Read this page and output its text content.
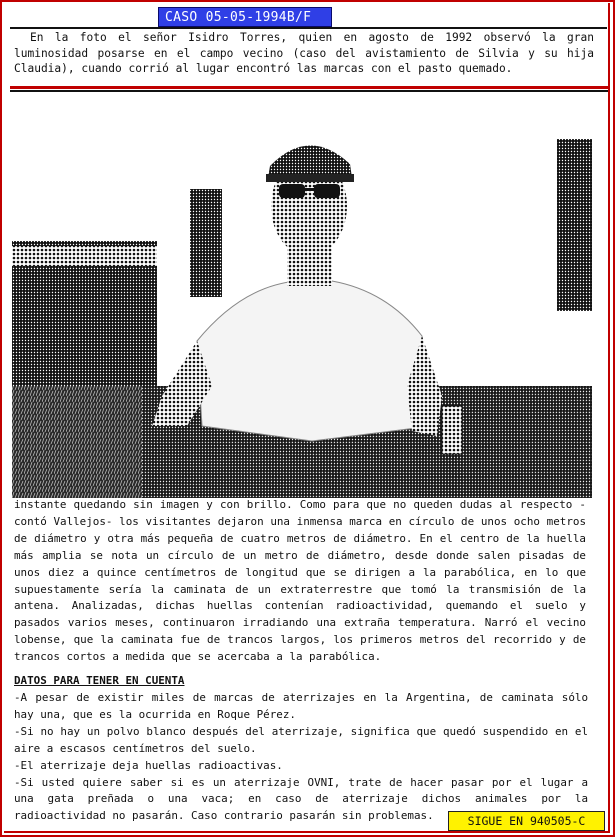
CASO 05-05-1994B/F

En la foto el señor Isidro Torres, quien en agosto de 1992 observó la gran luminosidad posarse en el campo vecino (caso del avistamiento de Silvia y su hija Claudia), cuando corrió al lugar encontró las marcas con el pasto quemado.

instante quedando sin imagen y con brillo. Como para que no queden dudas al respecto -contó Vallejos- los visitantes dejaron una inmensa marca en círculo de unos ocho metros de diámetro y otra más pequeña de cuatro metros de diámetro. En el centro de la huella más amplia se nota un círculo de un metro de diámetro, desde donde salen pisadas de unos diez a quince centímetros de longitud que se dirigen a la parabólica, en lo que supuestamente sería la caminata de un extraterrestre que tomó la transmisión de la antena. Analizadas, dichas huellas contenían radioactividad, quemando el suelo y pasados varios meses, continuaron irradiando una extraña temperatura. Narró el vecino lobense, que la caminata fue de trancos largos, los primeros metros del recorrido y de trancos cortos a medida que se acercaba a la parabólica.

DATOS PARA TENER EN CUENTA
-A pesar de existir miles de marcas de aterrizajes en la Argentina, de caminata sólo hay una, que es la ocurrida en Roque Pérez.
-Si no hay un polvo blanco después del aterrizaje, significa que quedó suspendido en el aire a escasos centímetros del suelo.
-El aterrizaje deja huellas radioactivas.
-Si usted quiere saber si es un aterrizaje OVNI, trate de hacer pasar por el lugar a una gata preñada o una vaca; en caso de aterrizaje dichos animales por la radioactividad no pasarán. Caso contrario pasarán sin problemas.	SIGUE EN 940505-C
